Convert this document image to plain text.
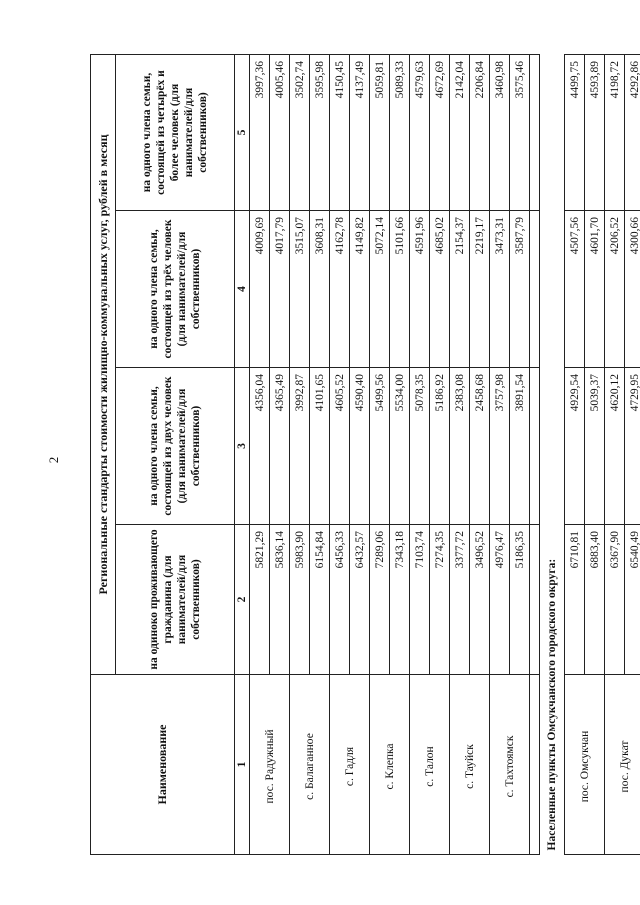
2
Наименование	Региональные стандарты стоимости жилищно-коммунальных услуг, рублей в месяц			
	на одиноко проживающего гражданина (для нанимателей/для собственников)	на одного члена семьи, состоящей из двух человек (для нанимателей/для собственников)	на одного члена семьи, состоящей из трёх человек (для нанимателей/для собственников)	на одного члена семьи, состоящей из четырёх и более человек (для нанимателей/для собственников)
1	2	3	4	5
пос. Радужный	5821,29	4356,04	4009,69	3997,36
	5836,14	4365,49	4017,79	4005,46
с. Балаганное	5983,90	3992,87	3515,07	3502,74
	6154,84	4101,65	3608,31	3595,98
с. Гадля	6456,33	4605,52	4162,78	4150,45
	6432,57	4590,40	4149,82	4137,49
с. Клепка	7289,06	5499,56	5072,14	5059,81
	7343,18	5534,00	5101,66	5089,33
с. Талон	7103,74	5078,35	4591,96	4579,63
	7274,35	5186,92	4685,02	4672,69
с. Тауйск	3377,72	2383,08	2154,37	2142,04
	3496,52	2458,68	2219,17	2206,84
с. Тахтоямск	4976,47	3757,98	3473,31	3460,98
	5186,35	3891,54	3587,79	3575,46

Населенные пункты Омсукчанского городского округа:				
пос. Омсукчан	6710,81	4929,54	4507,56	4499,75
	6883,40	5039,37	4601,70	4593,89
пос. Дукат	6367,90	4620,12	4206,52	4198,72
	6540,49	4729,95	4300,66	4292,86
